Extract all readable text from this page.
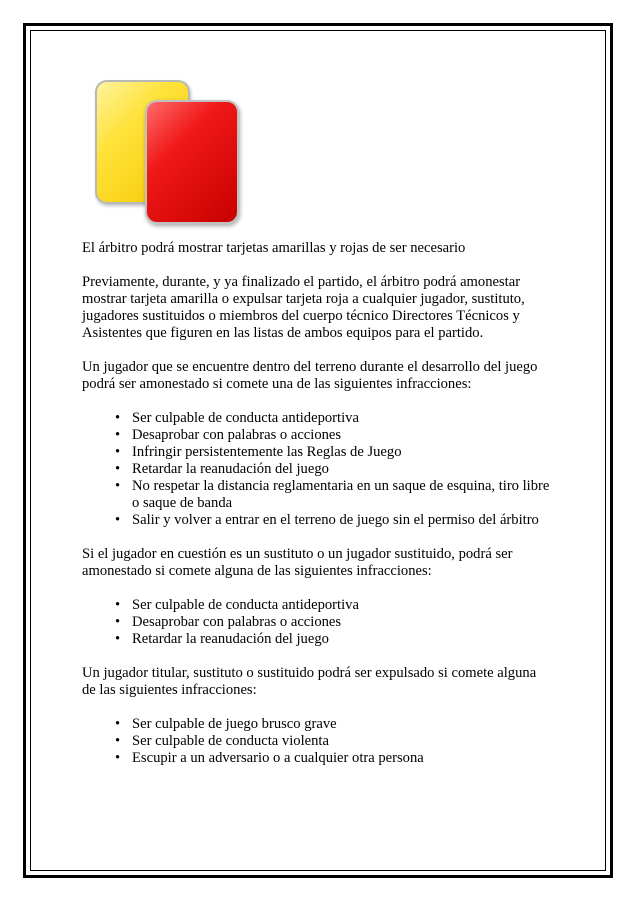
El árbitro podrá mostrar tarjetas amarillas y rojas de ser necesario

Previamente, durante, y ya finalizado el partido, el árbitro podrá amonestar mostrar tarjeta amarilla o expulsar tarjeta roja a cualquier jugador, sustituto, jugadores sustituidos o miembros del cuerpo técnico Directores Técnicos y Asistentes que figuren en las listas de ambos equipos para el partido.

Un jugador que se encuentre dentro del terreno durante el desarrollo del juego podrá ser amonestado si comete una de las siguientes infracciones:

• Ser culpable de conducta antideportiva
• Desaprobar con palabras o acciones
• Infringir persistentemente las Reglas de Juego
• Retardar la reanudación del juego
• No respetar la distancia reglamentaria en un saque de esquina, tiro libre o saque de banda
• Salir y volver a entrar en el terreno de juego sin el permiso del árbitro

Si el jugador en cuestión es un sustituto o un jugador sustituido, podrá ser amonestado si comete alguna de las siguientes infracciones:

• Ser culpable de conducta antideportiva
• Desaprobar con palabras o acciones
• Retardar la reanudación del juego

Un jugador titular, sustituto o sustituido podrá ser expulsado si comete alguna de las siguientes infracciones:

• Ser culpable de juego brusco grave
• Ser culpable de conducta violenta
• Escupir a un adversario o a cualquier otra persona
